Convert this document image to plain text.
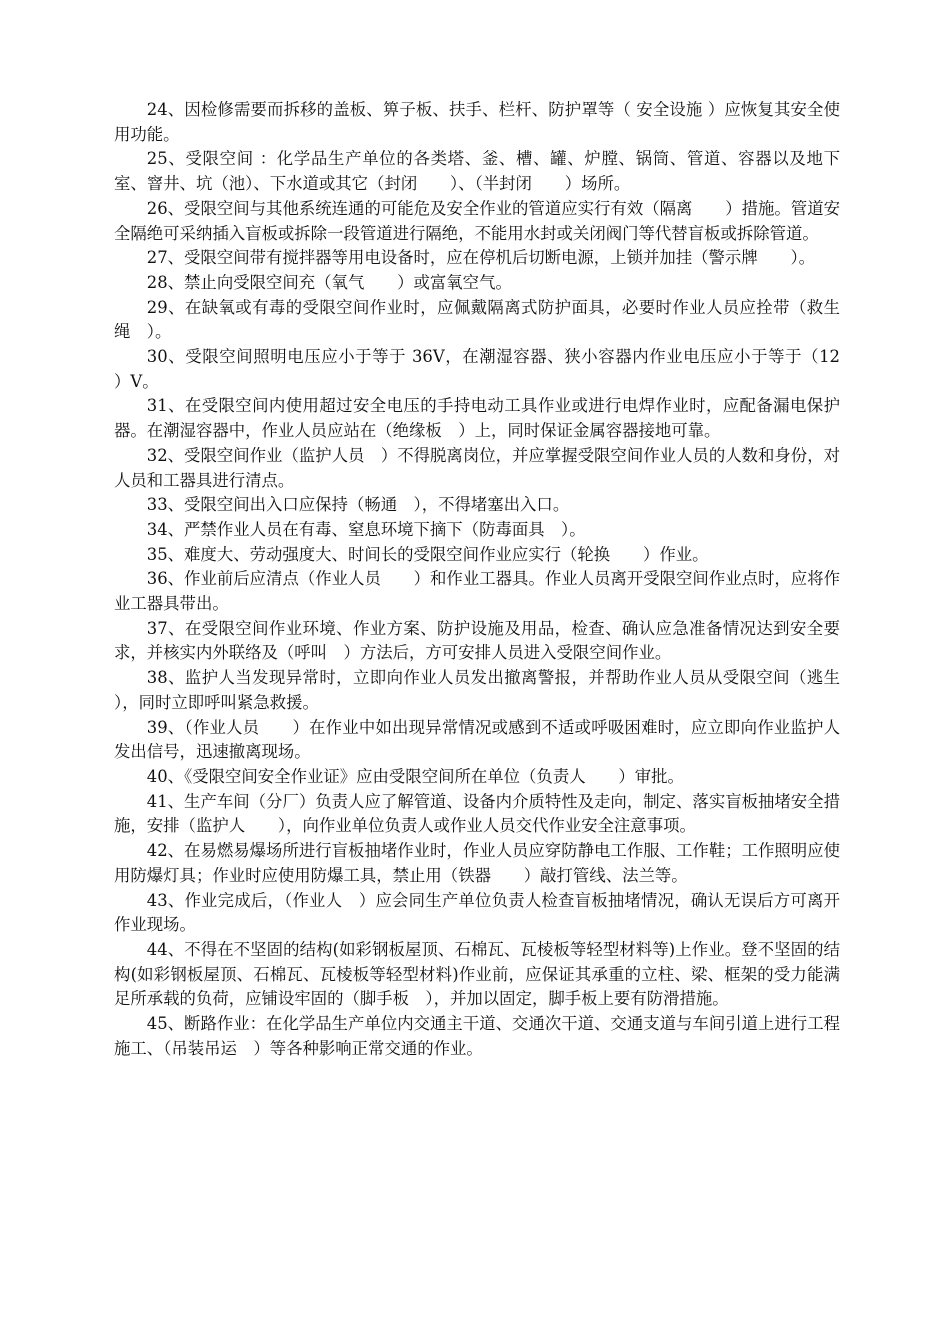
24、因检修需要而拆移的盖板、箅子板、扶手、栏杆、防护罩等（ 安全设施 ）应恢复其安全使用功能。

25、受限空间 ：化学品生产单位的各类塔、釜、槽、罐、炉膛、锅筒、管道、容器以及地下室、窨井、坑（池）、下水道或其它（封闭　　）、（半封闭　　）场所。

26、受限空间与其他系统连通的可能危及安全作业的管道应实行有效（隔离　　）措施。管道安全隔绝可采纳插入盲板或拆除一段管道进行隔绝，不能用水封或关闭阀门等代替盲板或拆除管道。

27、受限空间带有搅拌器等用电设备时，应在停机后切断电源，上锁并加挂（警示牌　　）。

28、禁止向受限空间充（氧气　　）或富氧空气。

29、在缺氧或有毒的受限空间作业时，应佩戴隔离式防护面具，必要时作业人员应拴带（救生绳　）。

30、受限空间照明电压应小于等于 36V，在潮湿容器、狭小容器内作业电压应小于等于（12　）V。

31、在受限空间内使用超过安全电压的手持电动工具作业或进行电焊作业时，应配备漏电保护器。在潮湿容器中，作业人员应站在（绝缘板　）上，同时保证金属容器接地可靠。

32、受限空间作业（监护人员　）不得脱离岗位，并应掌握受限空间作业人员的人数和身份，对人员和工器具进行清点。

33、受限空间出入口应保持（畅通　），不得堵塞出入口。

34、严禁作业人员在有毒、窒息环境下摘下（防毒面具　）。

35、难度大、劳动强度大、时间长的受限空间作业应实行（轮换　　）作业。

36、作业前后应清点（作业人员　　）和作业工器具。作业人员离开受限空间作业点时，应将作业工器具带出。

37、在受限空间作业环境、作业方案、防护设施及用品，检查、确认应急准备情况达到安全要求，并核实内外联络及（呼叫　）方法后，方可安排人员进入受限空间作业。

38、监护人当发现异常时，立即向作业人员发出撤离警报，并帮助作业人员从受限空间（逃生　　），同时立即呼叫紧急救援。

39、（作业人员　　）在作业中如出现异常情况或感到不适或呼吸困难时，应立即向作业监护人发出信号，迅速撤离现场。

40、《受限空间安全作业证》应由受限空间所在单位（负责人　　）审批。

41、生产车间（分厂）负责人应了解管道、设备内介质特性及走向，制定、落实盲板抽堵安全措施，安排（监护人　　），向作业单位负责人或作业人员交代作业安全注意事项。

42、在易燃易爆场所进行盲板抽堵作业时，作业人员应穿防静电工作服、工作鞋；工作照明应使用防爆灯具；作业时应使用防爆工具，禁止用（铁器　　）敲打管线、法兰等。

43、作业完成后，（作业人　）应会同生产单位负责人检查盲板抽堵情况，确认无误后方可离开作业现场。

44、不得在不坚固的结构(如彩钢板屋顶、石棉瓦、瓦棱板等轻型材料等)上作业。登不坚固的结构(如彩钢板屋顶、石棉瓦、瓦棱板等轻型材料)作业前，应保证其承重的立柱、梁、框架的受力能满足所承载的负荷，应铺设牢固的（脚手板　），并加以固定，脚手板上要有防滑措施。

45、断路作业：在化学品生产单位内交通主干道、交通次干道、交通支道与车间引道上进行工程施工、（吊装吊运　）等各种影响正常交通的作业。
